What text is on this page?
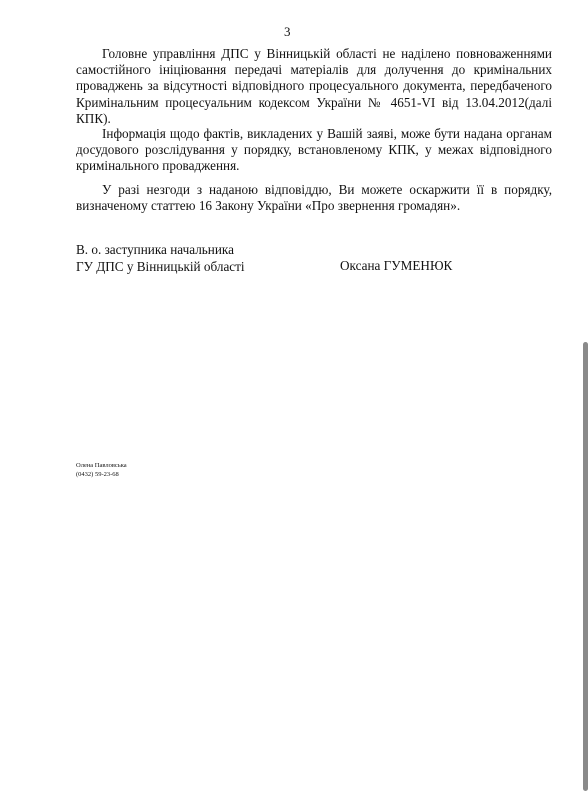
3

Головне управління ДПС у Вінницькій області не наділено повноваженнями самостійного ініціювання передачі матеріалів для долучення до кримінальних проваджень за відсутності відповідного процесуального документа, передбаченого Кримінальним процесуальним кодексом України № 4651-VI від 13.04.2012(далі КПК).

Інформація щодо фактів, викладених у Вашій заяві, може бути надана органам досудового розслідування у порядку, встановленому КПК, у межах відповідного кримінального провадження.

У разі незгоди з наданою відповіддю, Ви можете оскаржити її в порядку, визначеному статтею 16 Закону України «Про звернення громадян».

В. о. заступника начальника
ГУ ДПС у Вінницькій області	Оксана ГУМЕНЮК
Олена Павловська
(0432) 59-23-68
